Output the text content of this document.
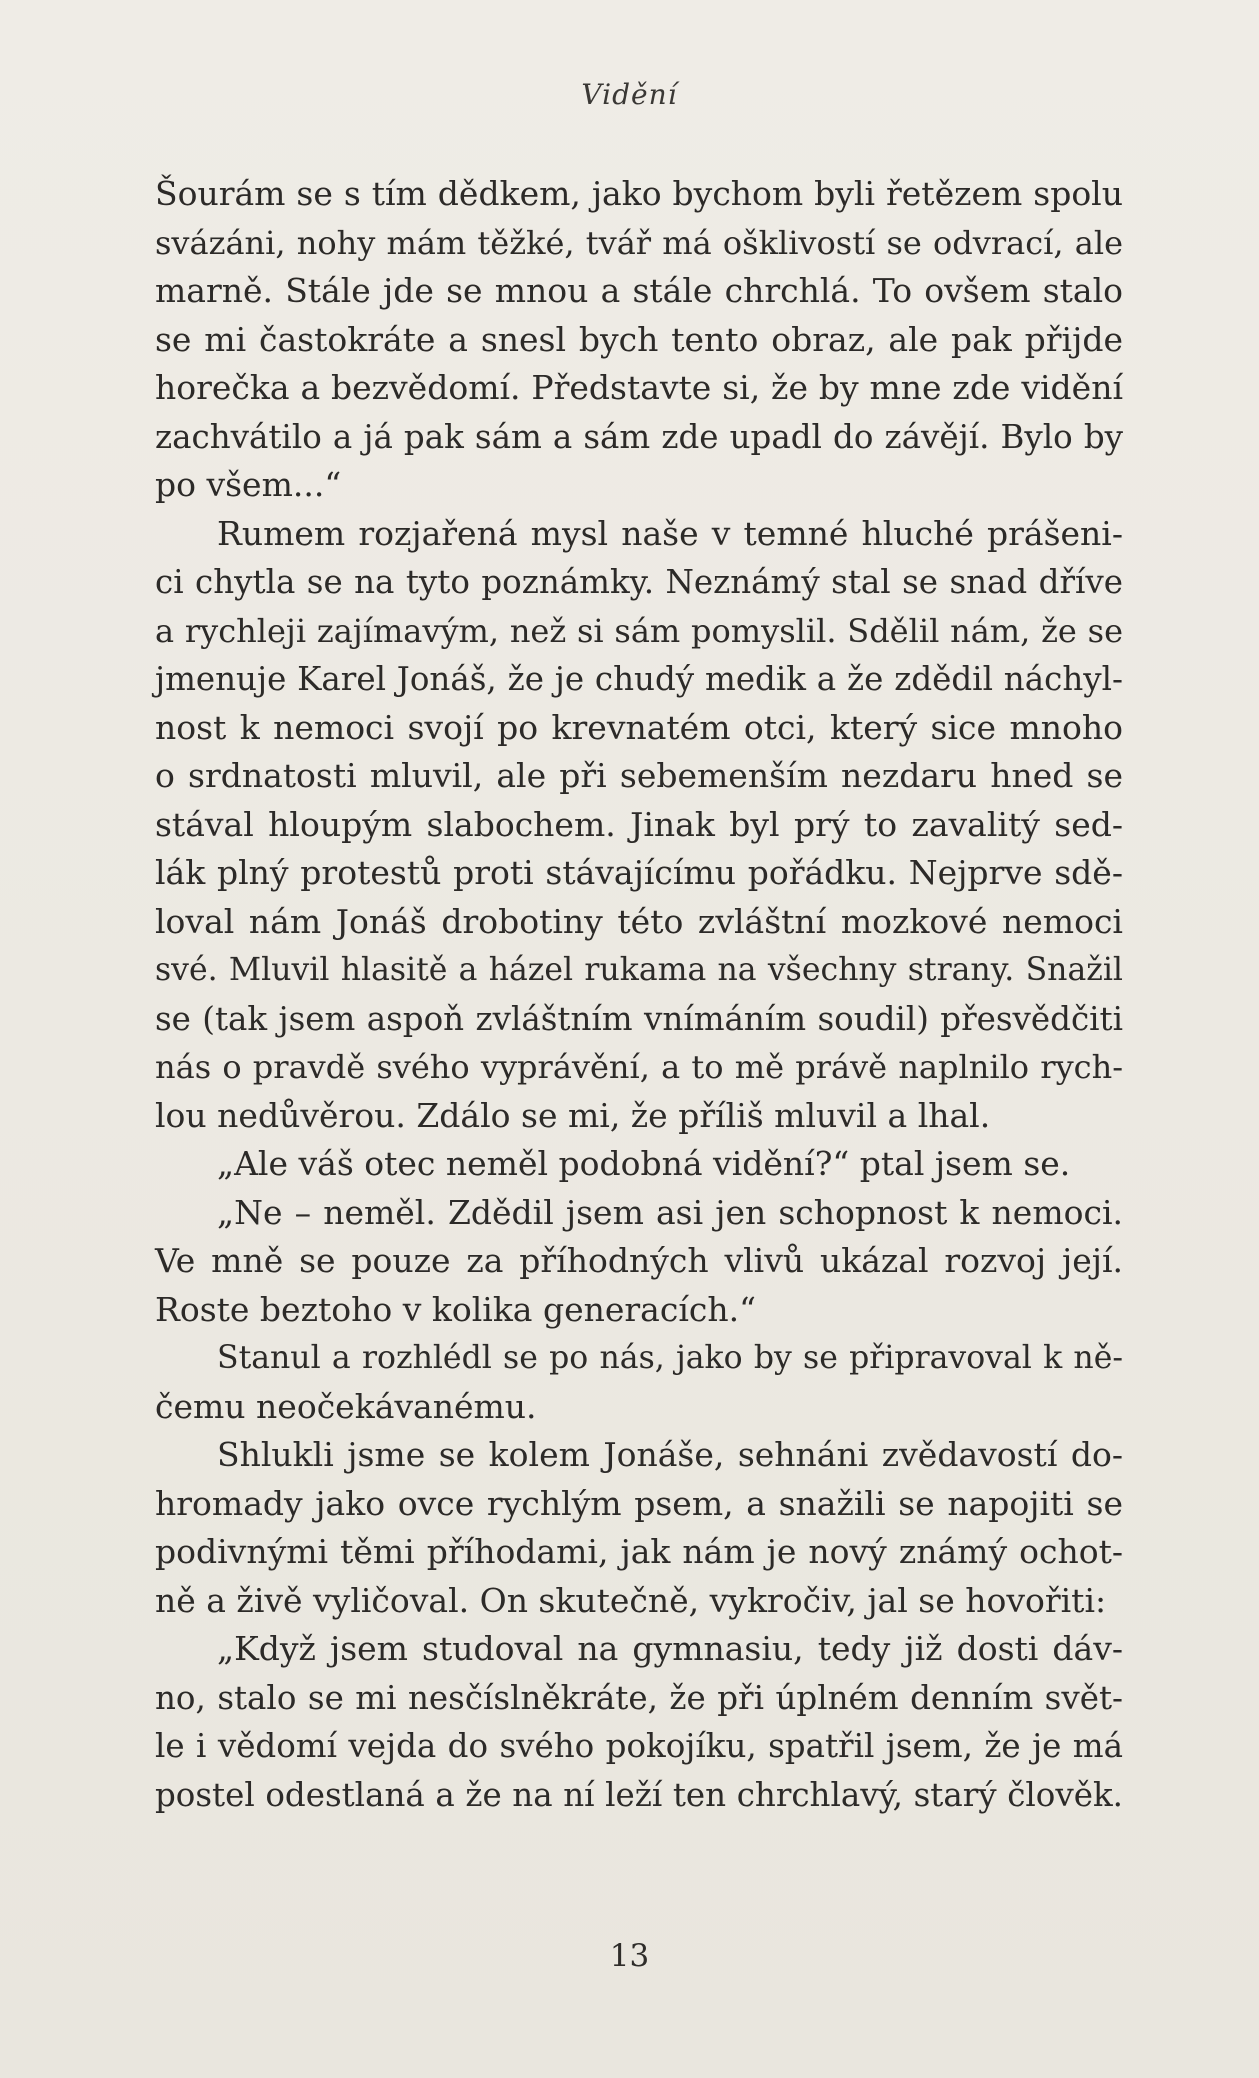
Vidění
Šourám se s tím dědkem, jako bychom byli řetězem spolu
svázáni, nohy mám těžké, tvář má ošklivostí se odvrací, ale
marně. Stále jde se mnou a stále chrchlá. To ovšem stalo
se mi častokráte a snesl bych tento obraz, ale pak přijde
horečka a bezvědomí. Představte si, že by mne zde vidění
zachvátilo a já pak sám a sám zde upadl do závějí. Bylo by
po všem...“
Rumem rozjařená mysl naše v temné hluché prášeni-
ci chytla se na tyto poznámky. Neznámý stal se snad dříve
a rychleji zajímavým, než si sám pomyslil. Sdělil nám, že se
jmenuje Karel Jonáš, že je chudý medik a že zdědil náchyl-
nost k nemoci svojí po krevnatém otci, který sice mnoho
o srdnatosti mluvil, ale při sebemenším nezdaru hned se
stával hloupým slabochem. Jinak byl prý to zavalitý sed-
lák plný protestů proti stávajícímu pořádku. Nejprve sdě-
loval nám Jonáš drobotiny této zvláštní mozkové nemoci
své. Mluvil hlasitě a házel rukama na všechny strany. Snažil
se (tak jsem aspoň zvláštním vnímáním soudil) přesvědčiti
nás o pravdě svého vyprávění, a to mě právě naplnilo rych-
lou nedůvěrou. Zdálo se mi, že příliš mluvil a lhal.
„Ale váš otec neměl podobná vidění?“ ptal jsem se.
„Ne – neměl. Zdědil jsem asi jen schopnost k nemoci.
Ve mně se pouze za příhodných vlivů ukázal rozvoj její.
Roste beztoho v kolika generacích.“
Stanul a rozhlédl se po nás, jako by se připravoval k ně-
čemu neočekávanému.
Shlukli jsme se kolem Jonáše, sehnáni zvědavostí do-
hromady jako ovce rychlým psem, a snažili se napojiti se
podivnými těmi příhodami, jak nám je nový známý ochot-
ně a živě vyličoval. On skutečně, vykročiv, jal se hovořiti:
„Když jsem studoval na gymnasiu, tedy již dosti dáv-
no, stalo se mi nesčíslněkráte, že při úplném denním svět-
le i vědomí vejda do svého pokojíku, spatřil jsem, že je má
postel odestlaná a že na ní leží ten chrchlavý, starý člověk.
13
